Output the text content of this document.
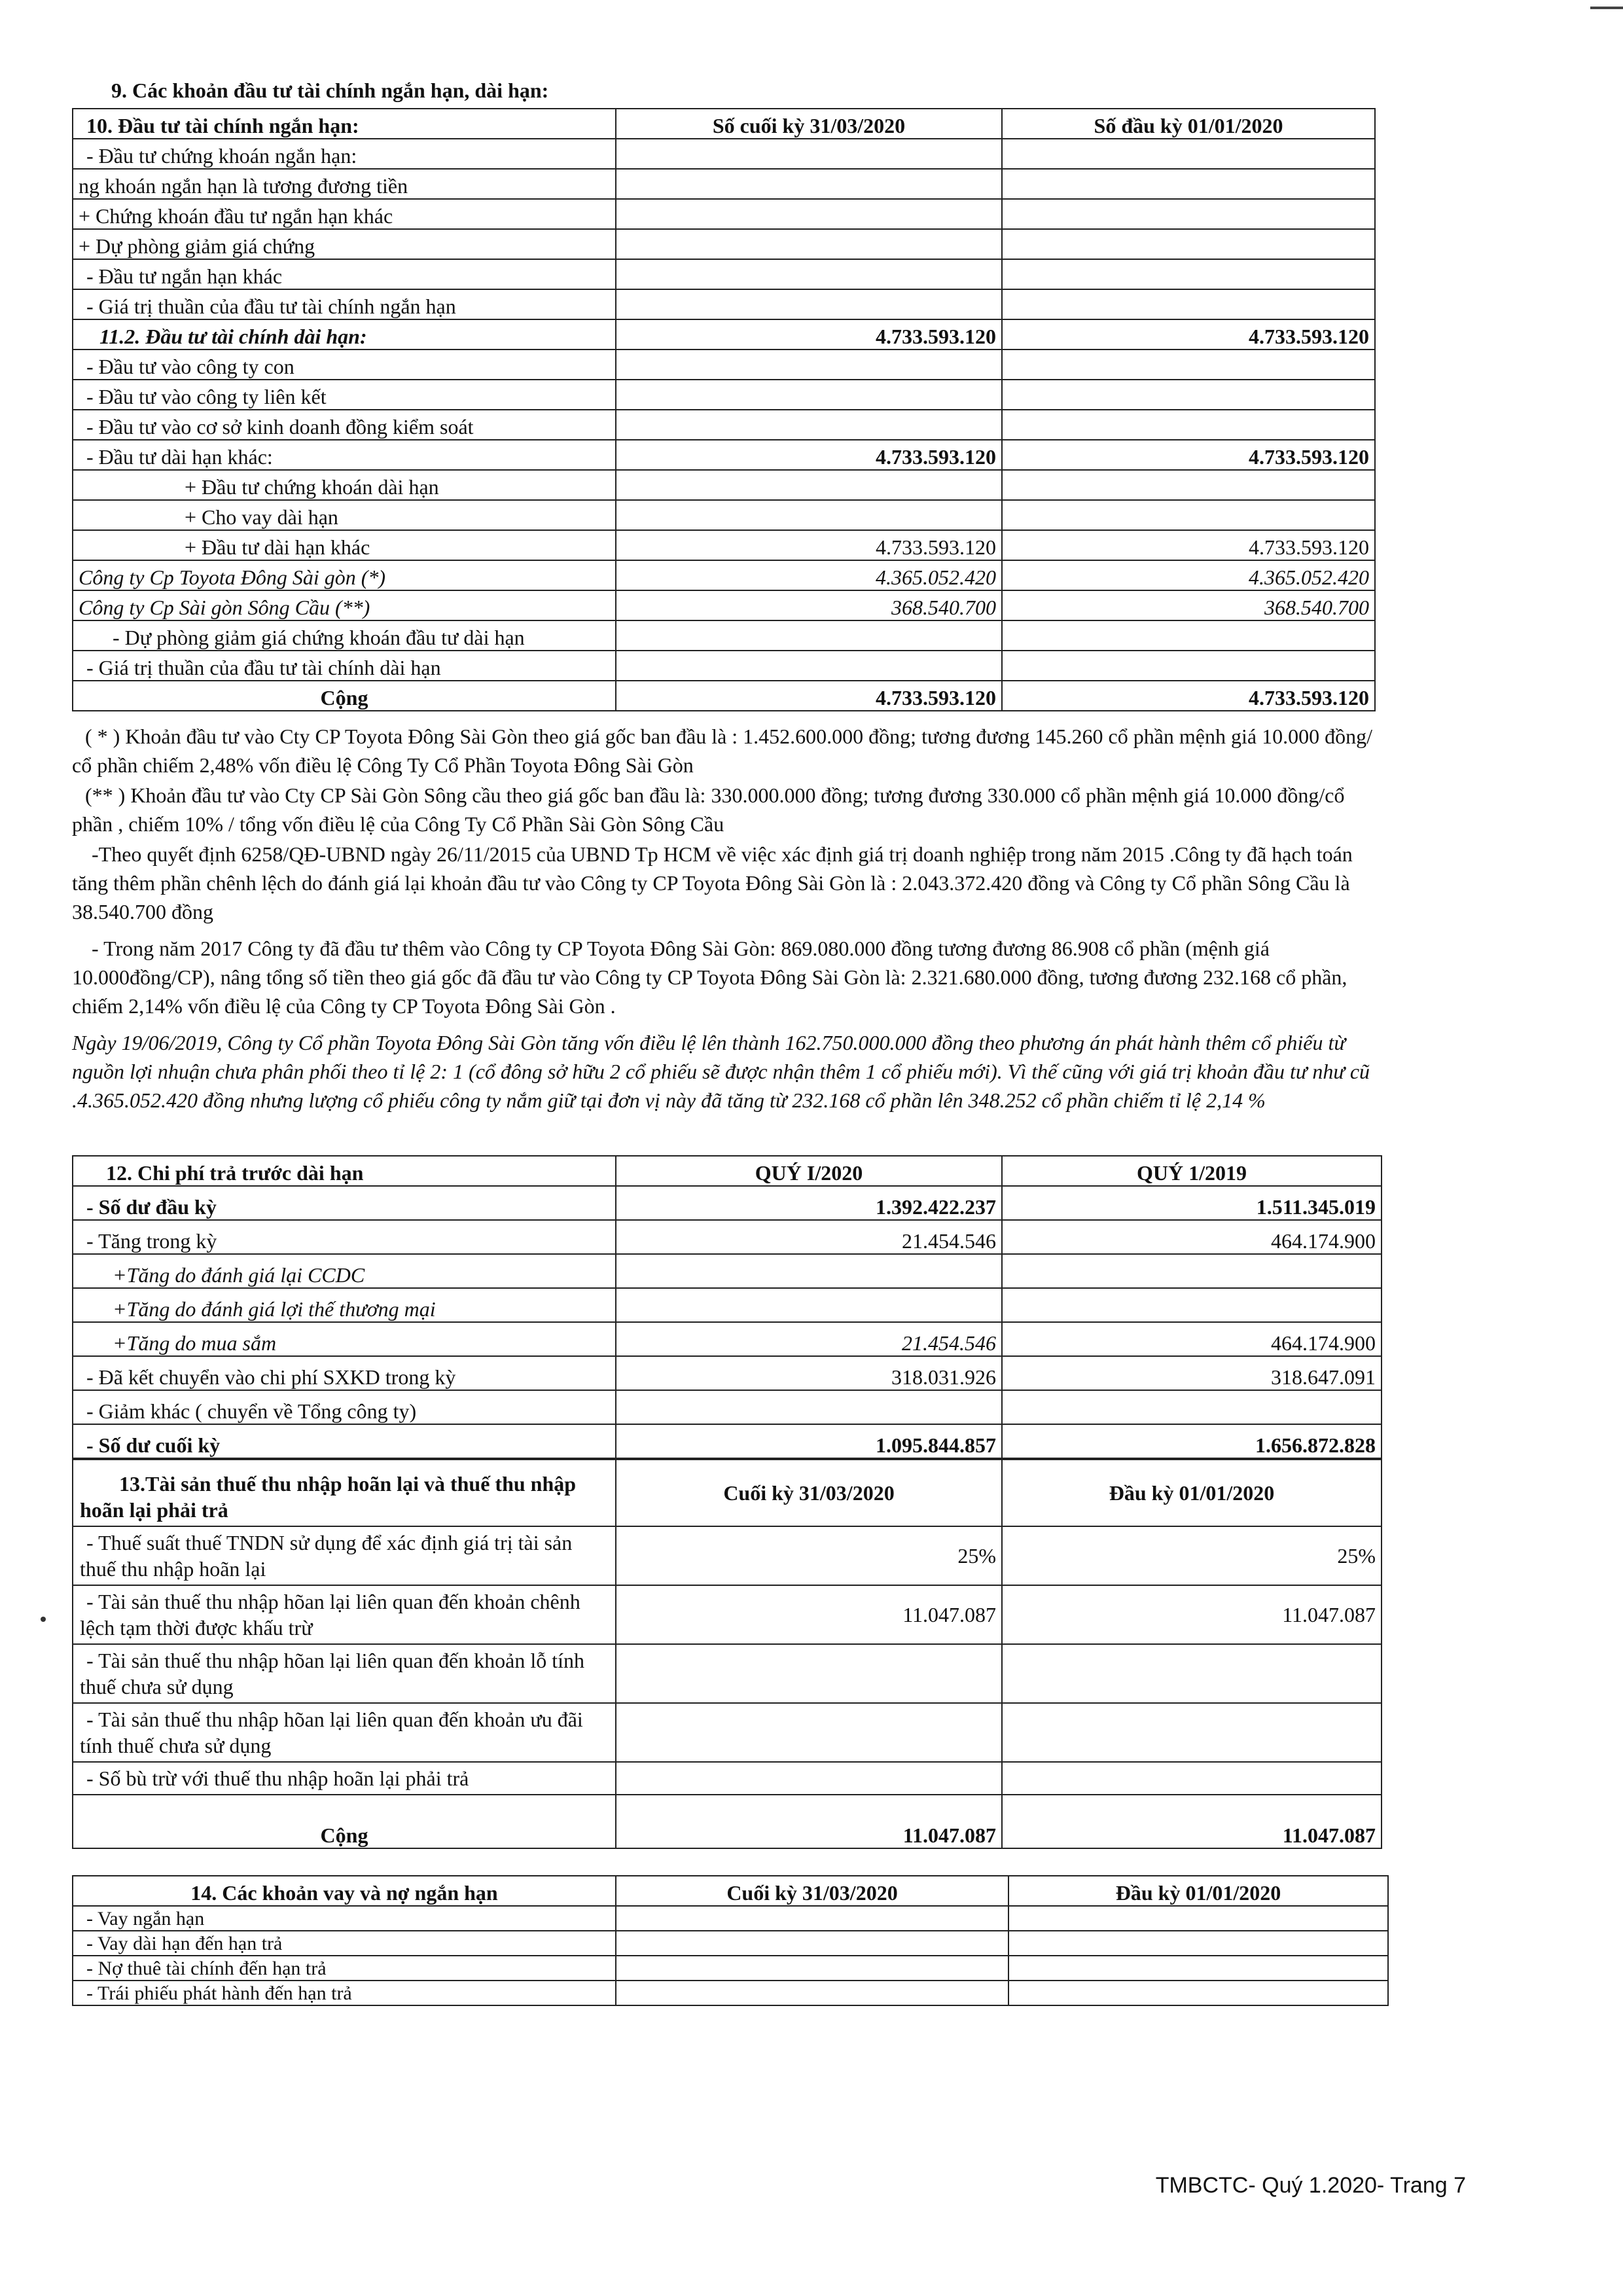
9. Các khoản đầu tư tài chính ngắn hạn, dài hạn:
10. Đầu tư tài chính ngắn hạn:	Số cuối kỳ 31/03/2020	Số đầu kỳ 01/01/2020
- Đầu tư chứng khoán ngắn hạn:		
ng khoán ngắn hạn là tương đương tiền		
+ Chứng khoán đầu tư ngắn hạn khác		
+ Dự phòng giảm giá chứng		
- Đầu tư ngắn hạn khác		
- Giá trị thuần của đầu tư tài chính ngắn hạn		
11.2. Đầu tư tài chính dài hạn:	4.733.593.120	4.733.593.120
- Đầu tư vào công ty con		
- Đầu tư vào công ty liên kết		
- Đầu tư vào cơ sở kinh doanh đồng kiểm soát		
- Đầu tư dài hạn khác:	4.733.593.120	4.733.593.120
+ Đầu tư chứng khoán dài hạn		
+ Cho vay dài hạn		
+ Đầu tư dài hạn khác	4.733.593.120	4.733.593.120
Công ty Cp Toyota Đông Sài gòn (*)	4.365.052.420	4.365.052.420
Công ty Cp Sài gòn Sông Cầu (**)	368.540.700	368.540.700
- Dự phòng giảm giá chứng khoán đầu tư dài hạn		
- Giá trị thuần của đầu tư tài chính dài hạn		
Cộng	4.733.593.120	4.733.593.120

( * ) Khoản đầu tư vào Cty CP Toyota Đông Sài Gòn theo giá gốc ban đầu là : 1.452.600.000 đồng; tương đương 145.260 cổ phần mệnh giá 10.000 đồng/ cổ phần chiếm 2,48% vốn điều lệ Công Ty Cổ Phần Toyota Đông Sài Gòn

(** ) Khoản đầu tư vào Cty CP Sài Gòn Sông cầu theo giá gốc ban đầu là: 330.000.000 đồng; tương đương 330.000 cổ phần mệnh giá 10.000 đồng/cổ phần , chiếm 10% / tổng vốn điều lệ của Công Ty Cổ Phần Sài Gòn Sông Cầu

-Theo quyết định 6258/QĐ-UBND ngày 26/11/2015 của UBND Tp HCM về việc xác định giá trị doanh nghiệp trong năm 2015 .Công ty đã hạch toán tăng thêm phần chênh lệch do đánh giá lại khoản đầu tư vào Công ty CP Toyota Đông Sài Gòn là : 2.043.372.420 đồng và Công ty Cổ phần Sông Cầu là 38.540.700 đồng

- Trong năm 2017 Công ty đã đầu tư thêm vào Công ty CP Toyota Đông Sài Gòn: 869.080.000 đồng tương đương 86.908 cổ phần (mệnh giá 10.000đồng/CP), nâng tổng số tiền theo giá gốc đã đầu tư vào Công ty CP Toyota Đông Sài Gòn là: 2.321.680.000 đồng, tương đương 232.168 cổ phần, chiếm 2,14% vốn điều lệ của Công ty CP Toyota Đông Sài Gòn .

Ngày 19/06/2019, Công ty Cổ phần Toyota Đông Sài Gòn tăng vốn điều lệ lên thành 162.750.000.000 đồng theo phương án phát hành thêm cổ phiếu từ nguồn lợi nhuận chưa phân phối theo tỉ lệ 2: 1 (cổ đông sở hữu 2 cổ phiếu sẽ được nhận thêm 1 cổ phiếu mới). Vì thế cũng với giá trị khoản đầu tư như cũ .4.365.052.420 đồng nhưng lượng cổ phiếu công ty nắm giữ tại đơn vị này đã tăng từ 232.168 cổ phần lên 348.252 cổ phần chiếm tỉ lệ 2,14 %

12. Chi phí trả trước dài hạn	QUÝ I/2020	QUÝ 1/2019
- Số dư đầu kỳ	1.392.422.237	1.511.345.019
- Tăng trong kỳ	21.454.546	464.174.900
+Tăng do đánh giá lại CCDC		
+Tăng do đánh giá lợi thế thương mại		
+Tăng do mua sắm	21.454.546	464.174.900
- Đã kết chuyển vào chi phí SXKD trong kỳ	318.031.926	318.647.091
- Giảm khác ( chuyển về Tổng công ty)		
- Số dư cuối kỳ	1.095.844.857	1.656.872.828
13.Tài sản thuế thu nhập hoãn lại và thuế thu nhập hoãn lại phải trả	Cuối kỳ 31/03/2020	Đầu kỳ 01/01/2020
- Thuế suất thuế TNDN sử dụng để xác định giá trị tài sản thuế thu nhập hoãn lại	25%	25%
- Tài sản thuế thu nhập hõan lại liên quan đến khoản chênh lệch tạm thời được khấu trừ	11.047.087	11.047.087
- Tài sản thuế thu nhập hõan lại liên quan đến khoản lỗ tính thuế chưa sử dụng		
- Tài sản thuế thu nhập hõan lại liên quan đến khoản ưu đãi tính thuế chưa sử dụng		
- Số bù trừ với thuế thu nhập hoãn lại phải trả		
Cộng	11.047.087	11.047.087
14. Các khoản vay và nợ ngắn hạn	Cuối kỳ 31/03/2020	Đầu kỳ 01/01/2020
- Vay ngắn hạn		
- Vay dài hạn đến hạn trả		
- Nợ thuê tài chính đến hạn trả		
- Trái phiếu phát hành đến hạn trả		
TMBCTC- Quý 1.2020- Trang 7
